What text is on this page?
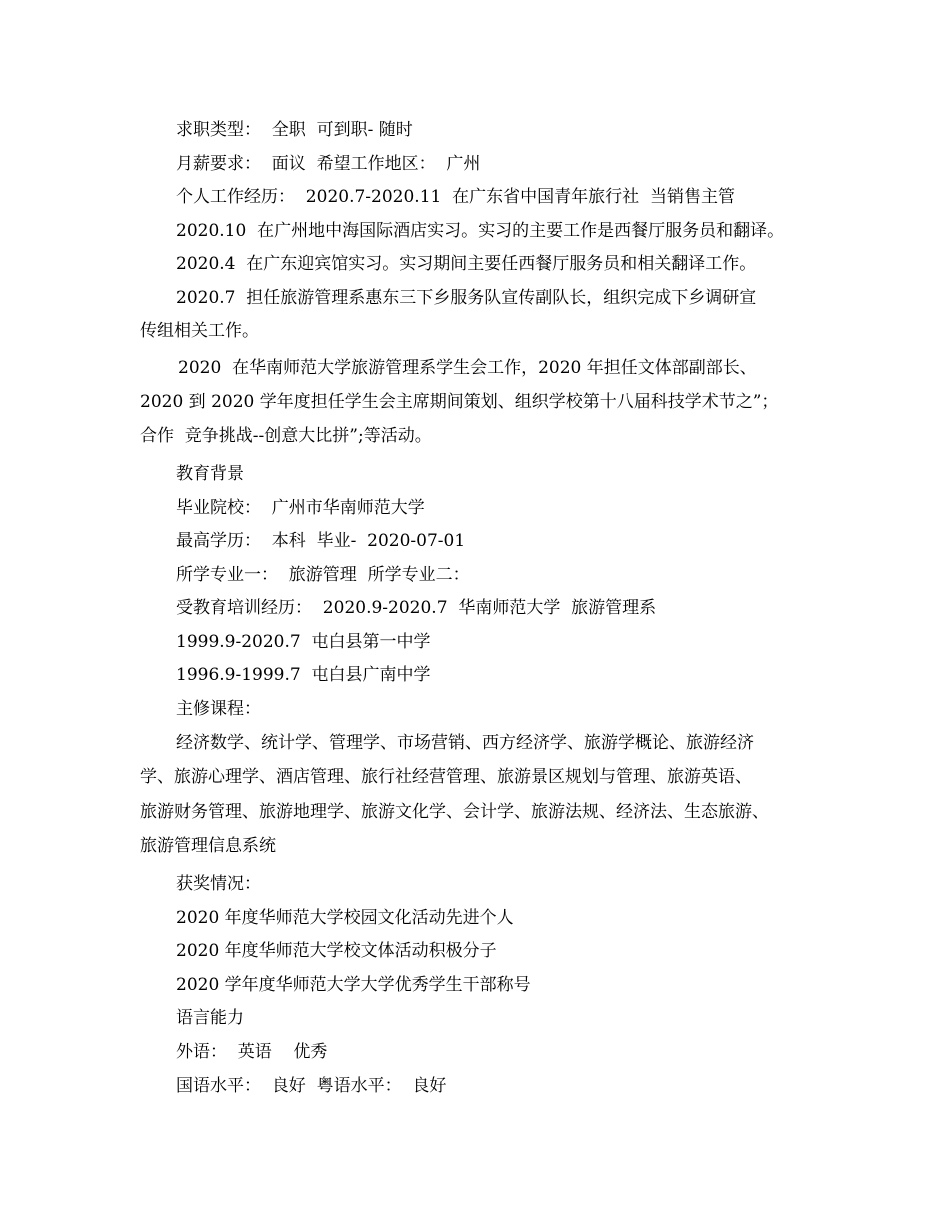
求职类型：  全职  可到职- 随时
月薪要求：  面议  希望工作地区：  广州
个人工作经历：  2020.7-2020.11  在广东省中国青年旅行社  当销售主管
2020.10  在广州地中海国际酒店实习。实习的主要工作是西餐厅服务员和翻译。
2020.4  在广东迎宾馆实习。实习期间主要任西餐厅服务员和相关翻译工作。
2020.7  担任旅游管理系惠东三下乡服务队宣传副队长，组织完成下乡调研宣
传组相关工作。
2020  在华南师范大学旅游管理系学生会工作，2020 年担任文体部副部长、
2020 到 2020 学年度担任学生会主席期间策划、组织学校第十八届科技学术节之”；
合作  竞争挑战--创意大比拼”;等活动。
教育背景
毕业院校：  广州市华南师范大学
最高学历：  本科  毕业-  2020-07-01
所学专业一：  旅游管理  所学专业二：
受教育培训经历：  2020.9-2020.7  华南师范大学  旅游管理系
1999.9-2020.7  屯白县第一中学
1996.9-1999.7  屯白县广南中学
主修课程：
经济数学、统计学、管理学、市场营销、西方经济学、旅游学概论、旅游经济
学、旅游心理学、酒店管理、旅行社经营管理、旅游景区规划与管理、旅游英语、
旅游财务管理、旅游地理学、旅游文化学、会计学、旅游法规、经济法、生态旅游、
旅游管理信息系统
获奖情况：
2020 年度华师范大学校园文化活动先进个人
2020 年度华师范大学校文体活动积极分子
2020 学年度华师范大学大学优秀学生干部称号
语言能力
外语：  英语    优秀
国语水平：  良好  粤语水平：  良好
